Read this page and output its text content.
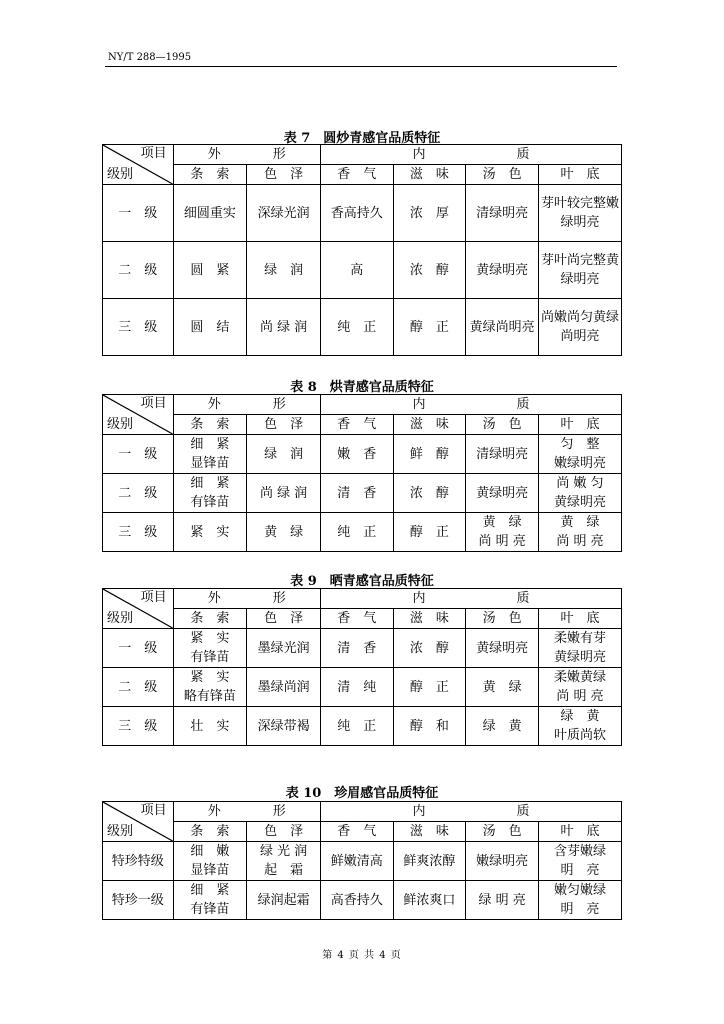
NY/T 288—1995
表 7　圆炒青感官品质特征
项目
级别	外　　　　形		内　　　　　　　质			
	条　索	色　泽	香　气	滋　味	汤　色	叶　底
一　级	细圆重实	深绿光润	香高持久	浓　厚	清绿明亮	芽叶较完整嫩绿明亮
二　级	圆　紧	绿　润	高	浓　醇	黄绿明亮	芽叶尚完整黄绿明亮
三　级	圆　结	尚 绿 润	纯　正	醇　正	黄绿尚明亮	尚嫩尚匀黄绿尚明亮
表 8　烘青感官品质特征
项目
级别	外　　　　形		内　　　　　　　质			
	条　索	色　泽	香　气	滋　味	汤　色	叶　底
一　级	细　紧
显锋苗	绿　润	嫩　香	鲜　醇	清绿明亮	匀　整
嫩绿明亮
二　级	细　紧
有锋苗	尚 绿 润	清　香	浓　醇	黄绿明亮	尚 嫩 匀
黄绿明亮
三　级	紧　实	黄　绿	纯　正	醇　正	黄　绿
尚 明 亮	黄　绿
尚 明 亮
表 9　晒青感官品质特征
项目
级别	外　　　　形		内　　　　　　　质			
	条　索	色　泽	香　气	滋　味	汤　色	叶　底
一　级	紧　实
有锋苗	墨绿光润	清　香	浓　醇	黄绿明亮	柔嫩有芽
黄绿明亮
二　级	紧　实
略有锋苗	墨绿尚润	清　纯	醇　正	黄　绿	柔嫩黄绿
尚 明 亮
三　级	壮　实	深绿带褐	纯　正	醇　和	绿　黄	绿　黄
叶质尚软
表 10　珍眉感官品质特征
项目
级别	外　　　　形		内　　　　　　　质			
	条　索	色　泽	香　气	滋　味	汤　色	叶　底
特珍特级	细　嫩
显锋苗	绿 光 润
起　霜	鲜嫩清高	鲜爽浓醇	嫩绿明亮	含芽嫩绿
明　亮
特珍一级	细　紧
有锋苗	绿润起霜	高香持久	鲜浓爽口	绿 明 亮	嫩匀嫩绿
明　亮
第 4 页 共 4 页
